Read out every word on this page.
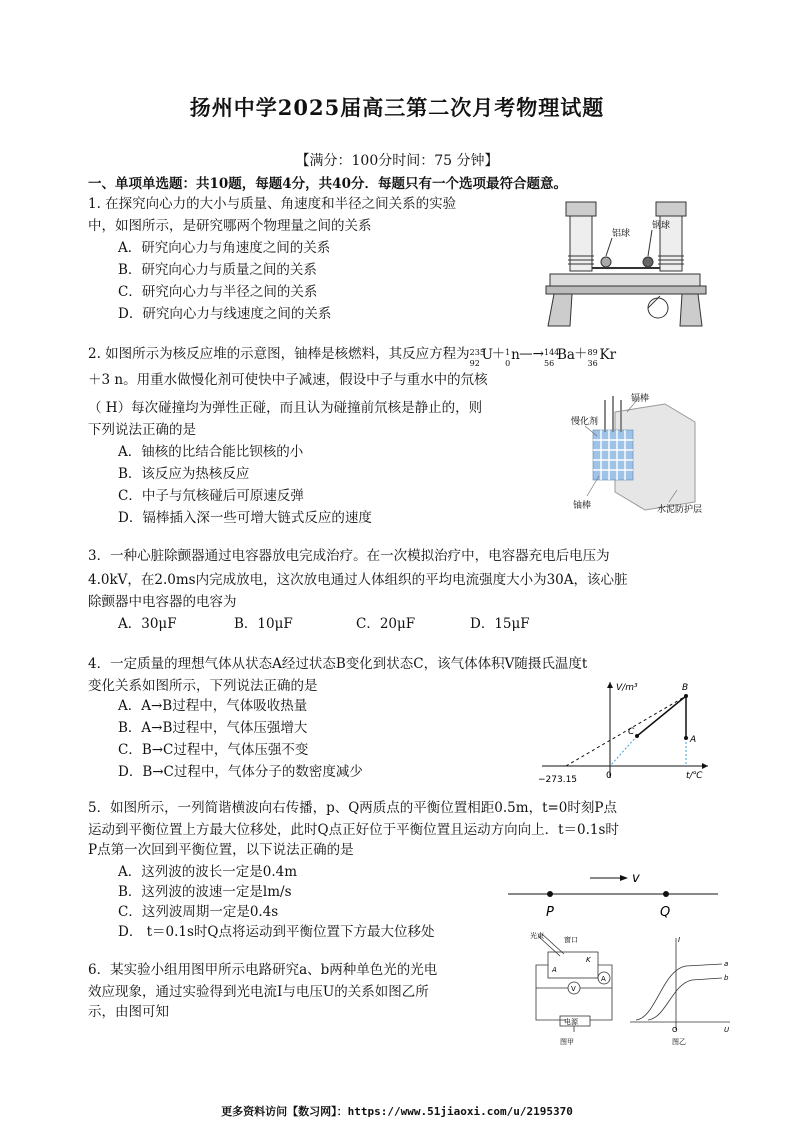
扬州中学2025届高三第二次月考物理试题
【满分：100分时间：75 分钟】
一、单项单选题：共10题，每题4分，共40分．每题只有一个选项最符合题意。
1. 在探究向心力的大小与质量、角速度和半径之间关系的实验
中，如图所示，是研究哪两个物理量之间的关系
A．研究向心力与角速度之间的关系
B．研究向心力与质量之间的关系
C．研究向心力与半径之间的关系
D．研究向心力与线速度之间的关系
铝球
钢球
2. 如图所示为核反应堆的示意图，铀棒是核燃料，其反应方程为 235
92
U
＋ 1
0
n —→ 144
56
Ba ＋ 89
36
Kr
＋3 n。用重水做慢化剂可使快中子减速，假设中子与重水中的氘核
（ H）每次碰撞均为弹性正碰，而且认为碰撞前氘核是静止的，则
下列说法正确的是
A．铀核的比结合能比钡核的小
B．该反应为热核反应
C．中子与氘核碰后可原速反弹
D．镉棒插入深一些可增大链式反应的速度
镉棒
慢化剂
铀棒	水泥防护层
3．一种心脏除颤器通过电容器放电完成治疗。在一次模拟治疗中，电容器充电后电压为
4.0kV，在2.0ms内完成放电，这次放电通过人体组织的平均电流强度大小为30A，该心脏
除颤器中电容器的电容为
A．30μF	B．10μF	C．20μF	D．15μF
4．一定质量的理想气体从状态A经过状态B变化到状态C，该气体体积V随摄氏温度t
变化关系如图所示，下列说法正确的是
A．A→B过程中，气体吸收热量
B．A→B过程中，气体压强增大
C．B→C过程中，气体压强不变
D．B→C过程中，气体分子的数密度减少
V/m³
t/℃
0
−273.15
A
B
C
5．如图所示，一列简谐横波向右传播，p、Q两质点的平衡位置相距0.5m，t=0时刻P点
运动到平衡位置上方最大位移处，此时Q点正好位于平衡位置且运动方向向上．t＝0.1s时
P点第一次回到平衡位置，以下说法正确的是
A．这列波的波长一定是0.4m
B．这列波的波速一定是lm/s
C．这列波周期一定是0.4s
D． t＝0.1s时Q点将运动到平衡位置下方最大位移处
v
P	Q
6．某实验小组用图甲所示电路研究a、b两种单色光的光电
效应现象，通过实验得到光电流I与电压U的关系如图乙所
示，由图可知
光束	窗口
A
K
V
A
电源
图甲
I
a
b
O	U
图乙
更多资料访问【数习网】：https://www.51jiaoxi.com/u/2195370
